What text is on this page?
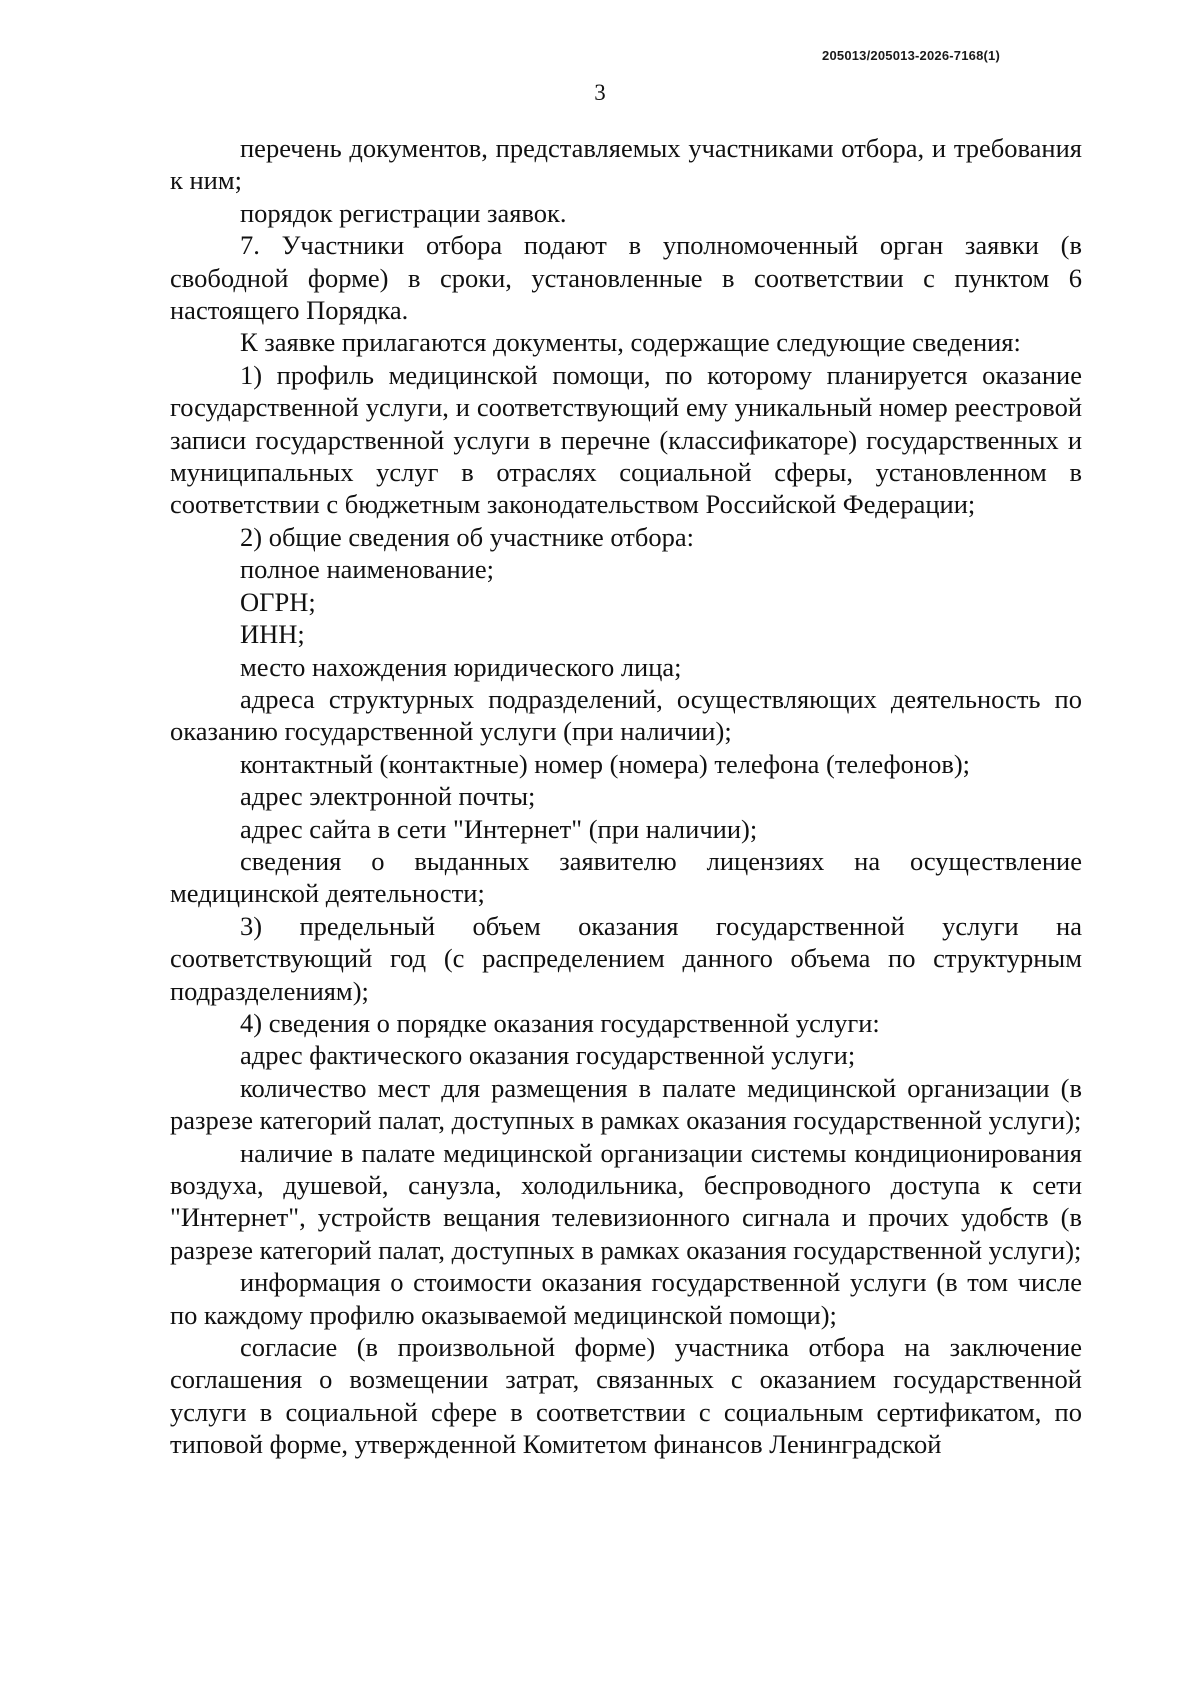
205013/205013-2026-7168(1)
3

перечень документов, представляемых участниками отбора, и требования к ним;

порядок регистрации заявок.

7. Участники отбора подают в уполномоченный орган заявки (в свободной форме) в сроки, установленные в соответствии с пунктом 6 настоящего Порядка.

К заявке прилагаются документы, содержащие следующие сведения:

1) профиль медицинской помощи, по которому планируется оказание государственной услуги, и соответствующий ему уникальный номер реестровой записи государственной услуги в перечне (классификаторе) государственных и муниципальных услуг в отраслях социальной сферы, установленном в соответствии с бюджетным законодательством Российской Федерации;

2) общие сведения об участнике отбора:

полное наименование;

ОГРН;

ИНН;

место нахождения юридического лица;

адреса структурных подразделений, осуществляющих деятельность по оказанию государственной услуги (при наличии);

контактный (контактные) номер (номера) телефона (телефонов);

адрес электронной почты;

адрес сайта в сети "Интернет" (при наличии);

сведения о выданных заявителю лицензиях на осуществление медицинской деятельности;

3) предельный объем оказания государственной услуги на соответствующий год (с распределением данного объема по структурным подразделениям);

4) сведения о порядке оказания государственной услуги:

адрес фактического оказания государственной услуги;

количество мест для размещения в палате медицинской организации (в разрезе категорий палат, доступных в рамках оказания государственной услуги);

наличие в палате медицинской организации системы кондиционирования воздуха, душевой, санузла, холодильника, беспроводного доступа к сети "Интернет", устройств вещания телевизионного сигнала и прочих удобств (в разрезе категорий палат, доступных в рамках оказания государственной услуги);

информация о стоимости оказания государственной услуги (в том числе по каждому профилю оказываемой медицинской помощи);

согласие (в произвольной форме) участника отбора на заключение соглашения о возмещении затрат, связанных с оказанием государственной услуги в социальной сфере в соответствии с социальным сертификатом, по типовой форме, утвержденной Комитетом финансов Ленинградской
